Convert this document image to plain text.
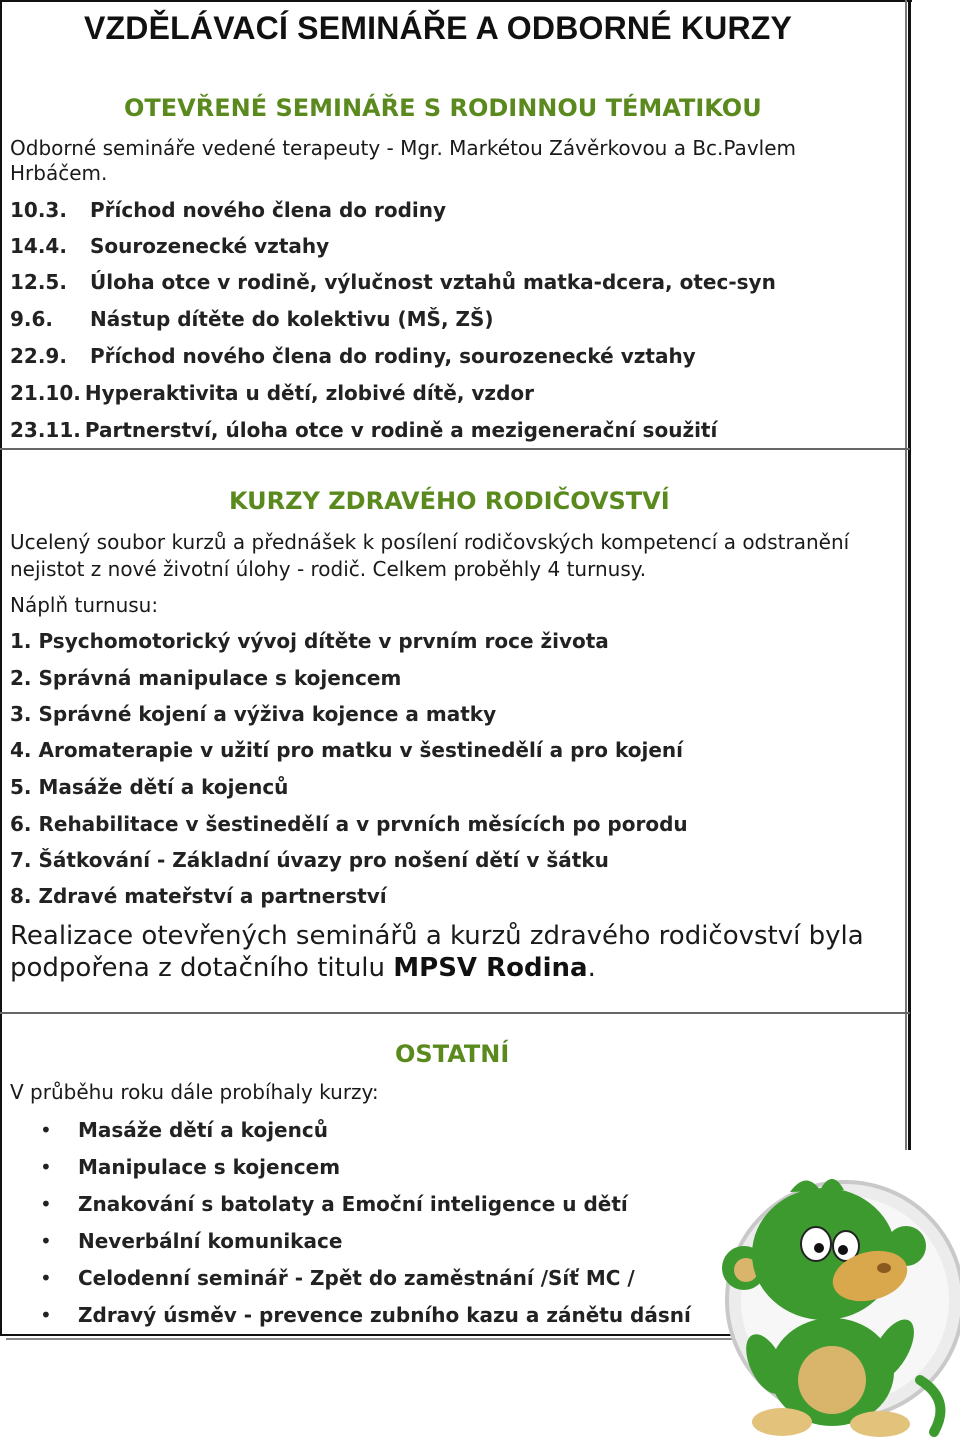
VZDĚLÁVACÍ SEMINÁŘE A ODBORNÉ KURZY
OTEVŘENÉ SEMINÁŘE S RODINNOU TÉMATIKOU

Odborné semináře vedené terapeuty - Mgr. Markétou Závěrkovou a Bc.Pavlem

Hrbáčem.

10.3. Příchod nového člena do rodiny
14.4. Sourozenecké vztahy
12.5. Úloha otce v rodině, výlučnost vztahů matka-dcera, otec-syn
9.6. Nástup dítěte do kolektivu (MŠ, ZŠ)
22.9. Příchod nového člena do rodiny, sourozenecké vztahy
21.10. Hyperaktivita u dětí, zlobivé dítě, vzdor
23.11. Partnerství, úloha otce v rodině a mezigenerační soužití
KURZY ZDRAVÉHO RODIČOVSTVÍ

Ucelený soubor kurzů a přednášek k posílení rodičovských kompetencí a odstranění

nejistot z nové životní úlohy - rodič. Celkem proběhly 4 turnusy.

Náplň turnusu:

1. Psychomotorický vývoj dítěte v prvním roce života
2. Správná manipulace s kojencem
3. Správné kojení a výživa kojence a matky
4. Aromaterapie v užití pro matku v šestinedělí a pro kojení
5. Masáže dětí a kojenců
6. Rehabilitace v šestinedělí a v prvních měsících po porodu
7. Šátkování - Základní úvazy pro nošení dětí v šátku
8. Zdravé mateřství a partnerství
Realizace otevřených seminářů a kurzů zdravého rodičovství byla
podpořena z dotačního titulu MPSV Rodina.
OSTATNÍ

V průběhu roku dále probíhaly kurzy:

• Masáže dětí a kojenců
• Manipulace s kojencem
• Znakování s batolaty a Emoční inteligence u dětí
• Neverbální komunikace
• Celodenní seminář - Zpět do zaměstnání /Síť MC /
• Zdravý úsměv - prevence zubního kazu a zánětu dásní
